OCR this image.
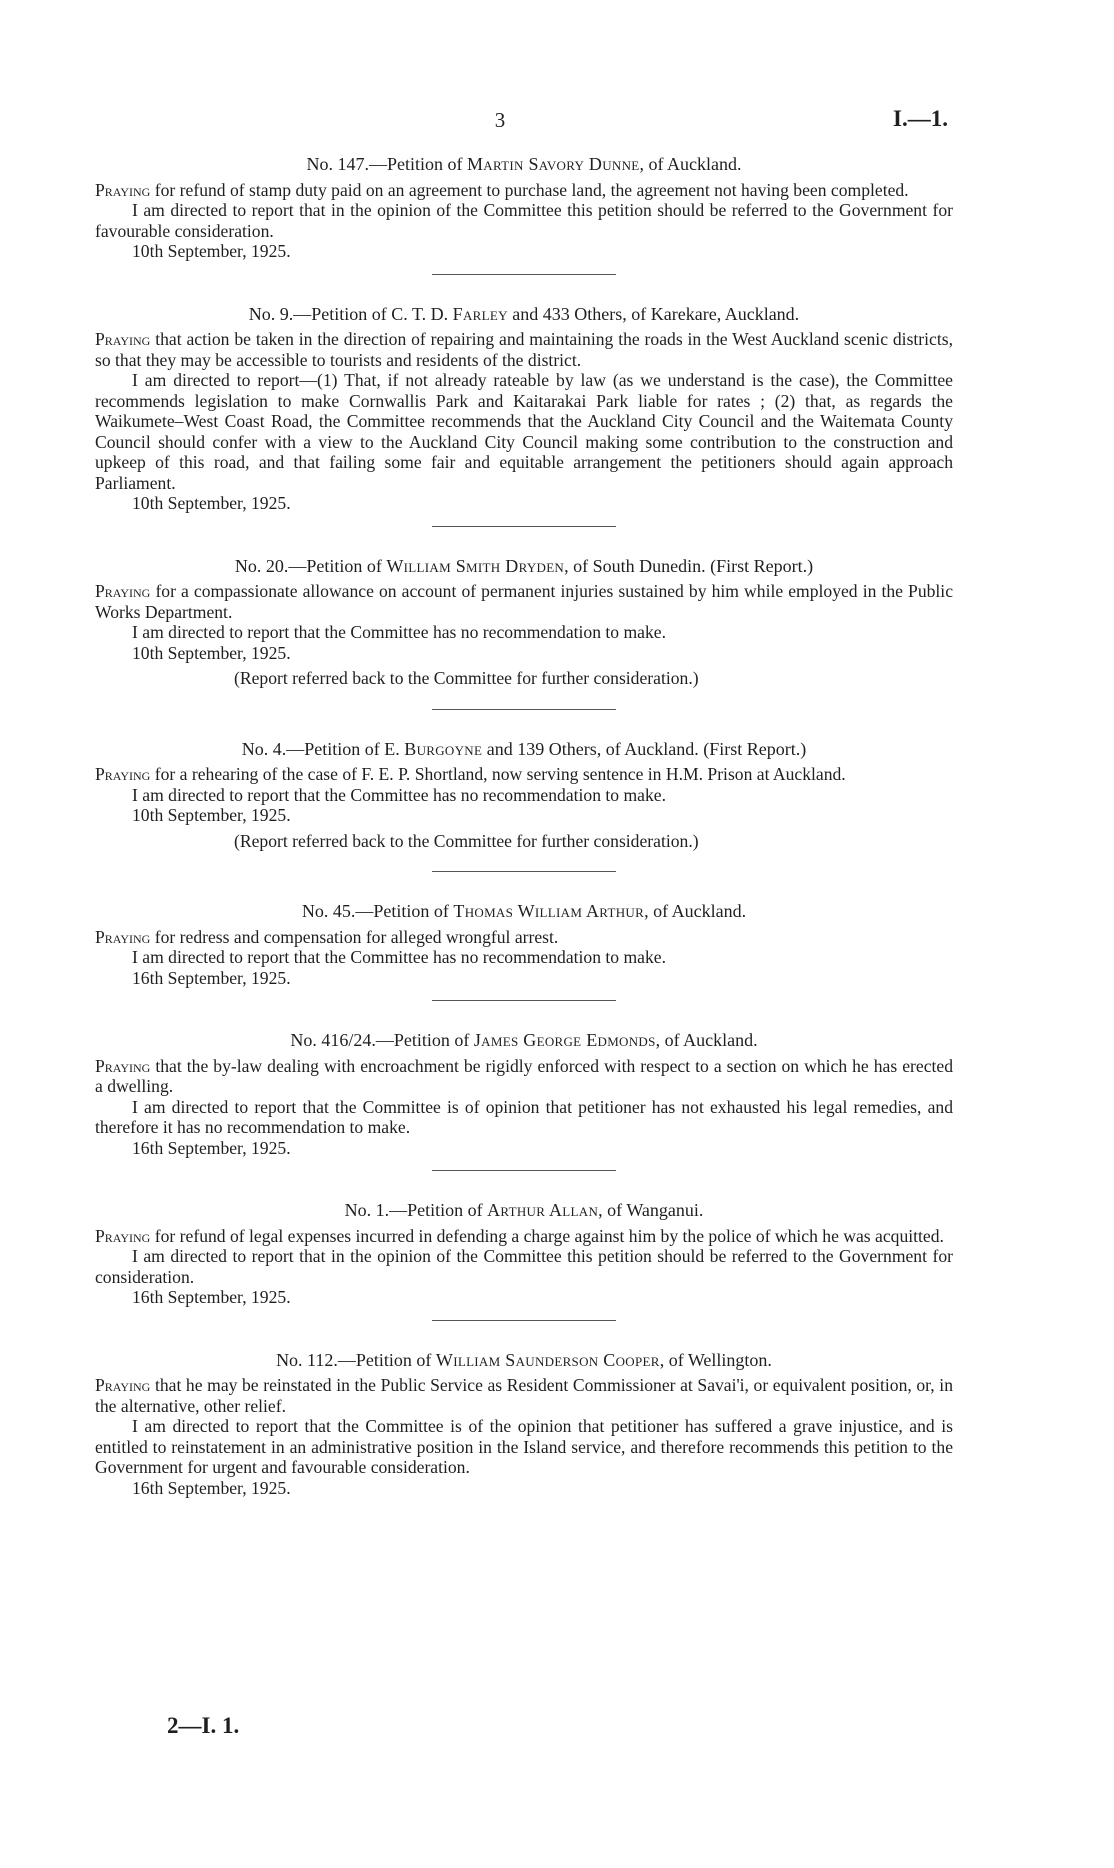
3	I.—1.

No. 147.—Petition of Martin Savory Dunne, of Auckland.

Praying for refund of stamp duty paid on an agreement to purchase land, the agreement not having been completed.

I am directed to report that in the opinion of the Committee this petition should be referred to the Government for favourable consideration.

10th September, 1925.

No. 9.—Petition of C. T. D. Farley and 433 Others, of Karekare, Auckland.

Praying that action be taken in the direction of repairing and maintaining the roads in the West Auckland scenic districts, so that they may be accessible to tourists and residents of the district.

I am directed to report—(1) That, if not already rateable by law (as we understand is the case), the Committee recommends legislation to make Cornwallis Park and Kaitarakai Park liable for rates ; (2) that, as regards the Waikumete–West Coast Road, the Committee recommends that the Auckland City Council and the Waitemata County Council should confer with a view to the Auckland City Council making some contribution to the construction and upkeep of this road, and that failing some fair and equitable arrangement the petitioners should again approach Parliament.

10th September, 1925.

No. 20.—Petition of William Smith Dryden, of South Dunedin. (First Report.)

Praying for a compassionate allowance on account of permanent injuries sustained by him while employed in the Public Works Department.

I am directed to report that the Committee has no recommendation to make.

10th September, 1925.

(Report referred back to the Committee for further consideration.)

No. 4.—Petition of E. Burgoyne and 139 Others, of Auckland. (First Report.)

Praying for a rehearing of the case of F. E. P. Shortland, now serving sentence in H.M. Prison at Auckland.

I am directed to report that the Committee has no recommendation to make.

10th September, 1925.

(Report referred back to the Committee for further consideration.)

No. 45.—Petition of Thomas William Arthur, of Auckland.

Praying for redress and compensation for alleged wrongful arrest.

I am directed to report that the Committee has no recommendation to make.

16th September, 1925.

No. 416/24.—Petition of James George Edmonds, of Auckland.

Praying that the by-law dealing with encroachment be rigidly enforced with respect to a section on which he has erected a dwelling.

I am directed to report that the Committee is of opinion that petitioner has not exhausted his legal remedies, and therefore it has no recommendation to make.

16th September, 1925.

No. 1.—Petition of Arthur Allan, of Wanganui.

Praying for refund of legal expenses incurred in defending a charge against him by the police of which he was acquitted.

I am directed to report that in the opinion of the Committee this petition should be referred to the Government for consideration.

16th September, 1925.

No. 112.—Petition of William Saunderson Cooper, of Wellington.

Praying that he may be reinstated in the Public Service as Resident Commissioner at Savai'i, or equivalent position, or, in the alternative, other relief.

I am directed to report that the Committee is of the opinion that petitioner has suffered a grave injustice, and is entitled to reinstatement in an administrative position in the Island service, and therefore recommends this petition to the Government for urgent and favourable consideration.

16th September, 1925.

2—I. 1.
